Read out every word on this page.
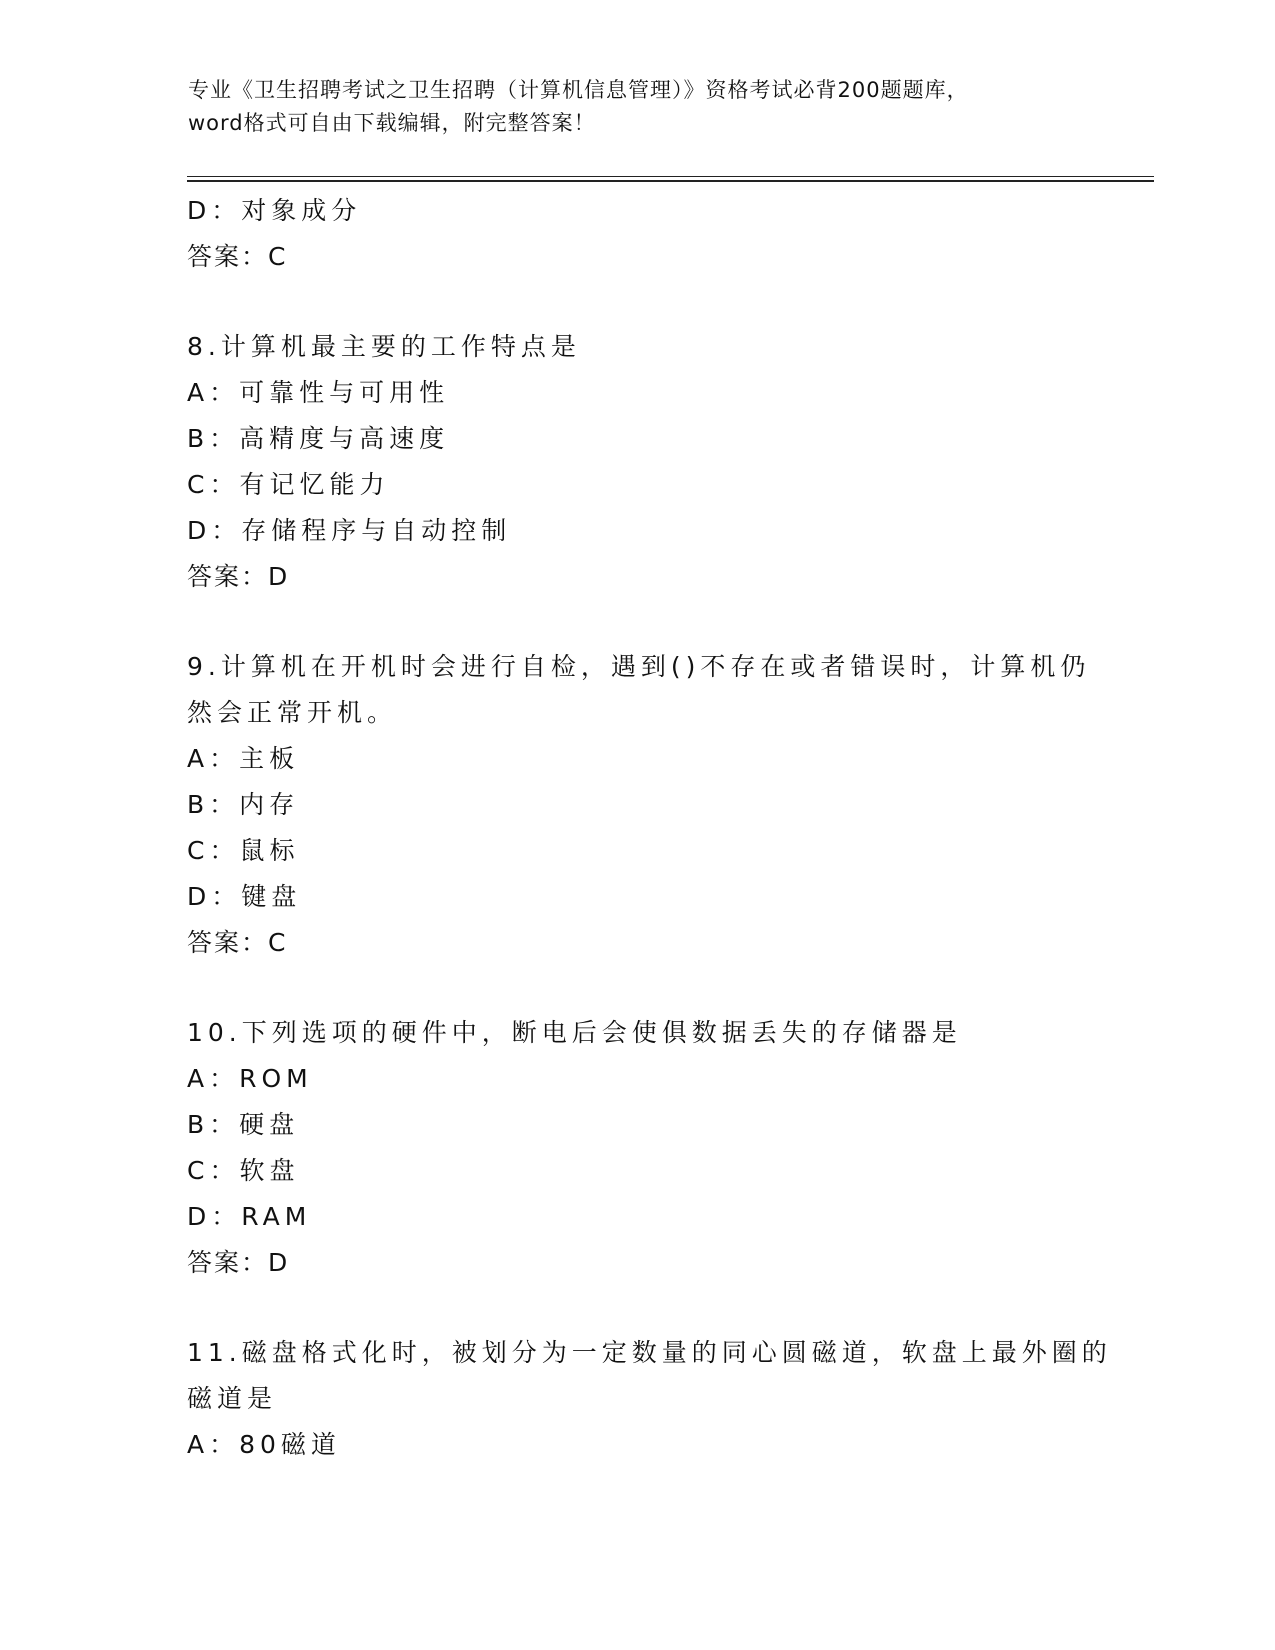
专业《卫生招聘考试之卫生招聘（计算机信息管理）》资格考试必背200题题库，
word格式可自由下载编辑，附完整答案！
D：对象成分
答案：C
8.计算机最主要的工作特点是
A：可靠性与可用性
B：高精度与高速度
C：有记忆能力
D：存储程序与自动控制
答案：D
9.计算机在开机时会进行自检，遇到()不存在或者错误时，计算机仍
然会正常开机。
A：主板
B：内存
C：鼠标
D：键盘
答案：C
10.下列选项的硬件中，断电后会使俱数据丢失的存储器是
A：ROM
B：硬盘
C：软盘
D：RAM
答案：D
11.磁盘格式化时，被划分为一定数量的同心圆磁道，软盘上最外圈的
磁道是
A：80磁道
